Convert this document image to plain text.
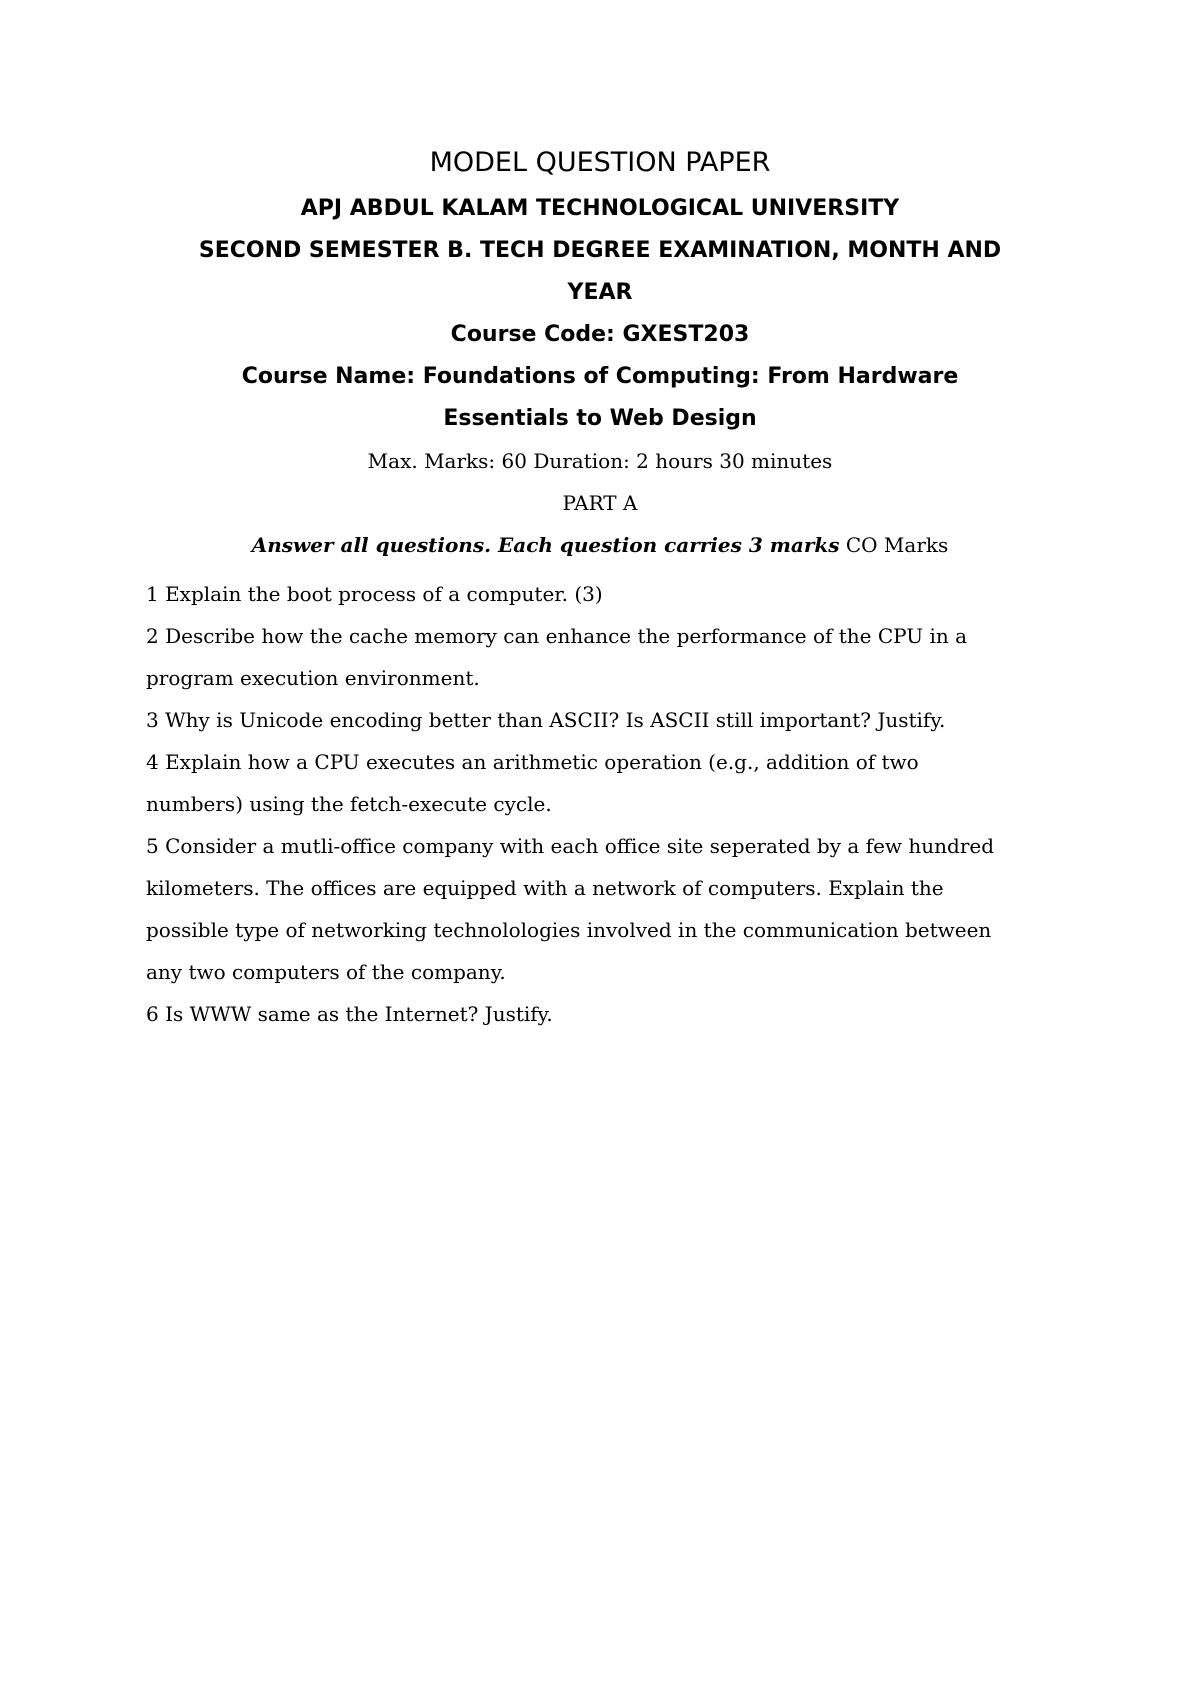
MODEL QUESTION PAPER

APJ ABDUL KALAM TECHNOLOGICAL UNIVERSITY

SECOND SEMESTER B. TECH DEGREE EXAMINATION, MONTH AND

YEAR

Course Code: GXEST203

Course Name: Foundations of Computing: From Hardware

Essentials to Web Design

Max. Marks: 60 Duration: 2 hours 30 minutes

PART A

Answer all questions. Each question carries 3 marks CO Marks

1 Explain the boot process of a computer. (3)

2 Describe how the cache memory can enhance the performance of the CPU in a

program execution environment.

3 Why is Unicode encoding better than ASCII? Is ASCII still important? Justify.

4 Explain how a CPU executes an arithmetic operation (e.g., addition of two

numbers) using the fetch-execute cycle.

5 Consider a mutli-office company with each office site seperated by a few hundred

kilometers. The offices are equipped with a network of computers. Explain the

possible type of networking technolologies involved in the communication between

any two computers of the company.

6 Is WWW same as the Internet? Justify.
